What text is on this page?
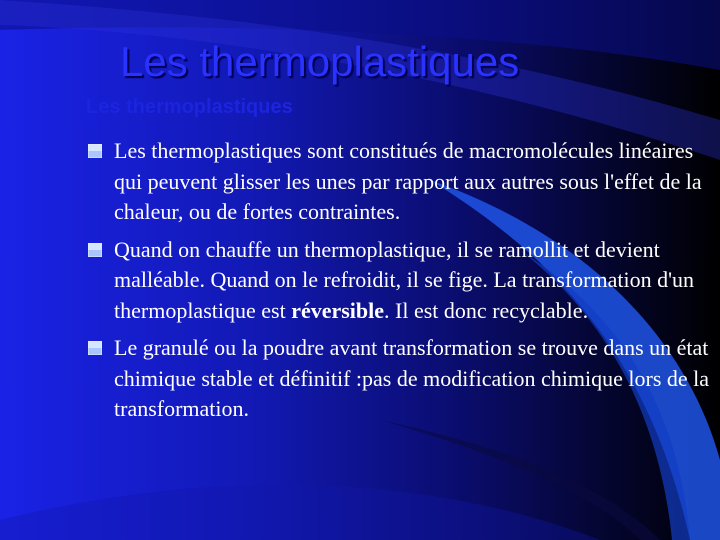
Les thermoplastiques
Les thermoplastiques
Les thermoplastiques sont constitués de macromolécules linéaires qui peuvent glisser les unes par rapport aux autres sous l'effet de la chaleur, ou de fortes contraintes.
Quand on chauffe un thermoplastique, il se ramollit et devient malléable. Quand on le refroidit, il se fige. La transformation d'un thermoplastique est réversible. Il est donc recyclable.
Le granulé ou la poudre avant transformation se trouve dans un état chimique stable et définitif :pas de modification chimique lors de la transformation.
